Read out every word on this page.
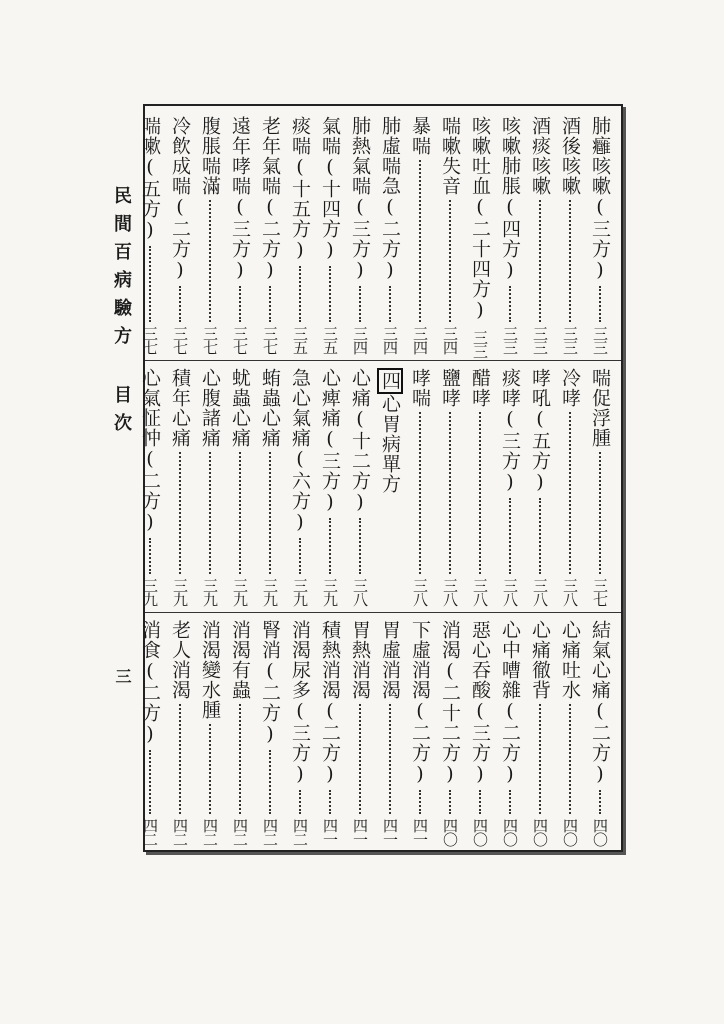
民間百病驗方 目次
三
肺癰咳嗽(三方)
三三
酒後咳嗽
三三
酒痰咳嗽
三三
咳嗽肺脹(四方)
三三
咳嗽吐血(二十四方)
三三
喘嗽失音
三四
暴喘
三四
肺虛喘急(二方)
三四
肺熱氣喘(三方)
三四
氣喘(十四方)
三五
痰喘(十五方)
三五
老年氣喘(二方)
三七
遠年哮喘(三方)
三七
腹脹喘滿
三七
冷飲成喘(二方)
三七
喘嗽(五方)
三七
喘促浮腫
三七
冷哮
三八
哮吼(五方)
三八
痰哮(三方)
三八
醋哮
三八
鹽哮
三八
哮喘
三八
四心胃病單方
心痛(十二方)
三八
心痺痛(三方)
三九
急心氣痛(六方)
三九
蛕蟲心痛
三九
蚘蟲心痛
三九
心腹諸痛
三九
積年心痛
三九
心氣怔忡(二方)
三九
結氣心痛(二方)
四〇
心痛吐水
四〇
心痛徹背
四〇
心中嘈雜(二方)
四〇
惡心吞酸(三方)
四〇
消渴(二十二方)
四〇
下虛消渴(二方)
四一
胃虛消渴
四一
胃熱消渴
四一
積熱消渴(二方)
四一
消渴尿多(三方)
四二
腎消(二方)
四二
消渴有蟲
四二
消渴變水腫
四二
老人消渴
四二
消食(二方)
四二
